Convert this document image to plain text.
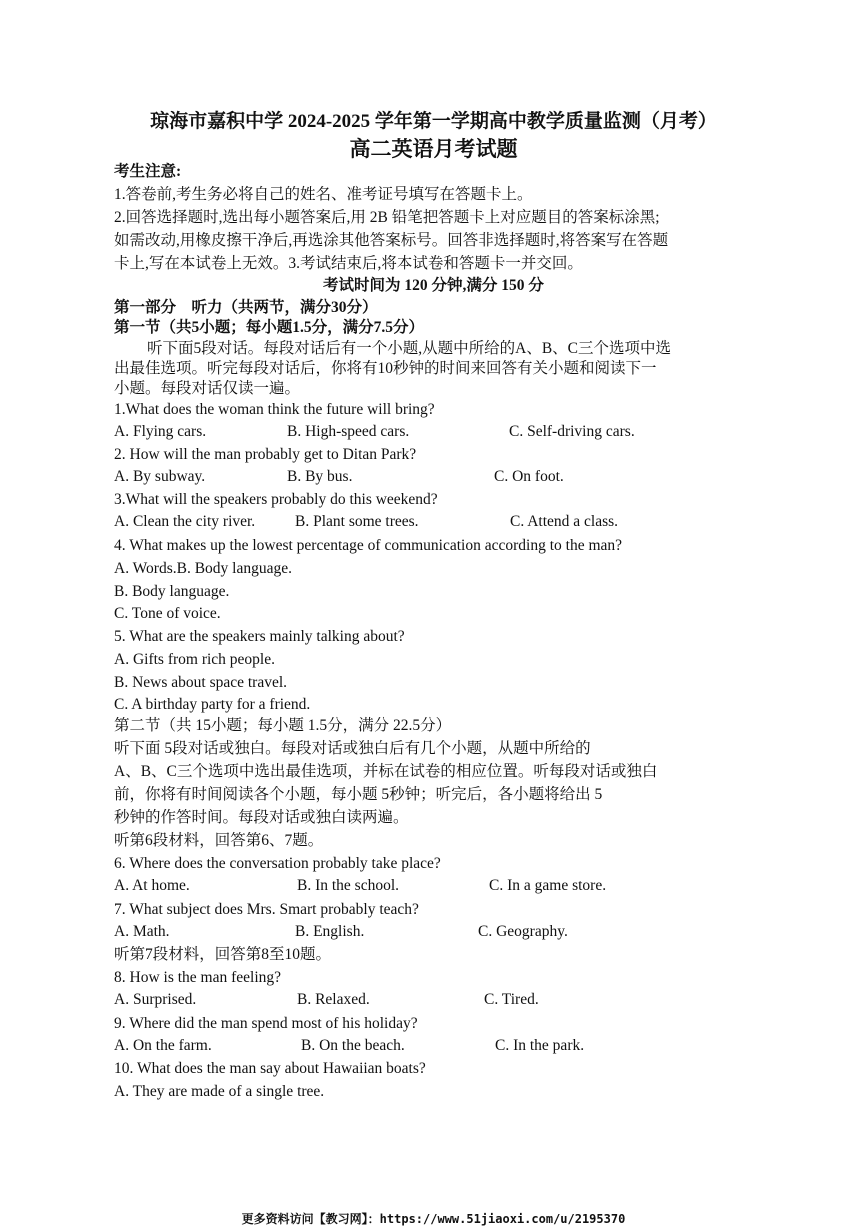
琼海市嘉积中学 2024-2025 学年第一学期高中教学质量监测（月考）
高二英语月考试题
考生注意:
1.答卷前,考生务必将自己的姓名、准考证号填写在答题卡上。
2.回答选择题时,选出每小题答案后,用 2B 铅笔把答题卡上对应题目的答案标涂黑;
如需改动,用橡皮擦干净后,再选涂其他答案标号。回答非选择题时,将答案写在答题
卡上,写在本试卷上无效。3.考试结束后,将本试卷和答题卡一并交回。
考试时间为 120 分钟,满分 150 分
第一部分　听力（共两节，满分30分）
第一节（共5小题；每小题1.5分，满分7.5分）
听下面5段对话。每段对话后有一个小题,从题中所给的A、B、C三个选项中选
出最佳选项。听完每段对话后，你将有10秒钟的时间来回答有关小题和阅读下一
小题。每段对话仅读一遍。
1.What does the woman think the future will bring?
A. Flying cars.	B. High-speed cars.	C. Self-driving cars.
2. How will the man probably get to Ditan Park?
A. By subway.	B. By bus.	C. On foot.
3.What will the speakers probably do this weekend?
A. Clean the city river.	B. Plant some trees.	C. Attend a class.
4. What makes up the lowest percentage of communication according to the man?
A. Words.B. Body language.
B. Body language.
C. Tone of voice.
5. What are the speakers mainly talking about?
A. Gifts from rich people.
B. News about space travel.
C. A birthday party for a friend.
第二节（共 15小题；每小题 1.5分，满分 22.5分）
听下面 5段对话或独白。每段对话或独白后有几个小题，从题中所给的
A、B、C三个选项中选出最佳选项，并标在试卷的相应位置。听每段对话或独白
前，你将有时间阅读各个小题，每小题 5秒钟；听完后，各小题将给出 5
秒钟的作答时间。每段对话或独白读两遍。
听第6段材料，回答第6、7题。
6. Where does the conversation probably take place?
A. At home.	B. In the school.	C. In a game store.
7. What subject does Mrs. Smart probably teach?
A. Math.	B. English.	C. Geography.
听第7段材料，回答第8至10题。
8. How is the man feeling?
A. Surprised.	B. Relaxed.	C. Tired.
9. Where did the man spend most of his holiday?
A. On the farm.	B. On the beach.	C. In the park.
10. What does the man say about Hawaiian boats?
A. They are made of a single tree.
更多资料访问【教习网】：https://www.51jiaoxi.com/u/2195370
